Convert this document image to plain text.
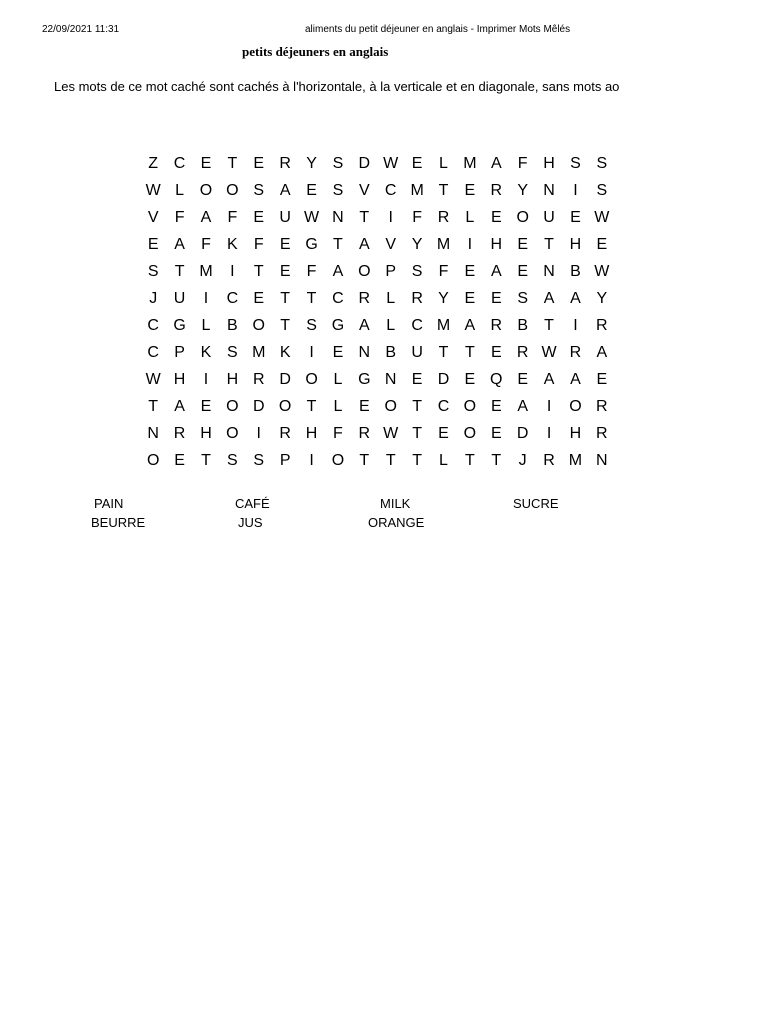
22/09/2021 11:31	aliments du petit déjeuner en anglais - Imprimer Mots Mêlés
petits déjeuners en anglais
Les mots de ce mot caché sont cachés à l'horizontale, à la verticale et en diagonale, sans mots ao
Z C E	T	E R Y S D W E	L M A	F H S S
W L O O S A E S V C M T	E R Y N	I	S
V	F	A	F	E U W N T	I	F R	L	E O U E W
E A	F	K	F	E G T	A V Y M	I	H E	T H E
S	T M	I	T	E	F	A O P S	F	E A E N B W
J	U	I	C E	T	T C R	L	R Y E E S A A Y
C G L	B O T	S G A	L	C M A R B	T	I	R
C P K S M K	I	E N B U T	T	E R W R A
W H	I	H R D O L G N E D E Q E A A E
T	A E O D O T	L	E O T C O E A	I	O R
N R H O	I	R H F R W T	E O E D	I	H R
O E	T	S S P	I	O T	T	T	L	T	T	J	R M N
PAIN	CAFÉ	MILK	SUCRE
BEURRE	JUS	ORANGE
